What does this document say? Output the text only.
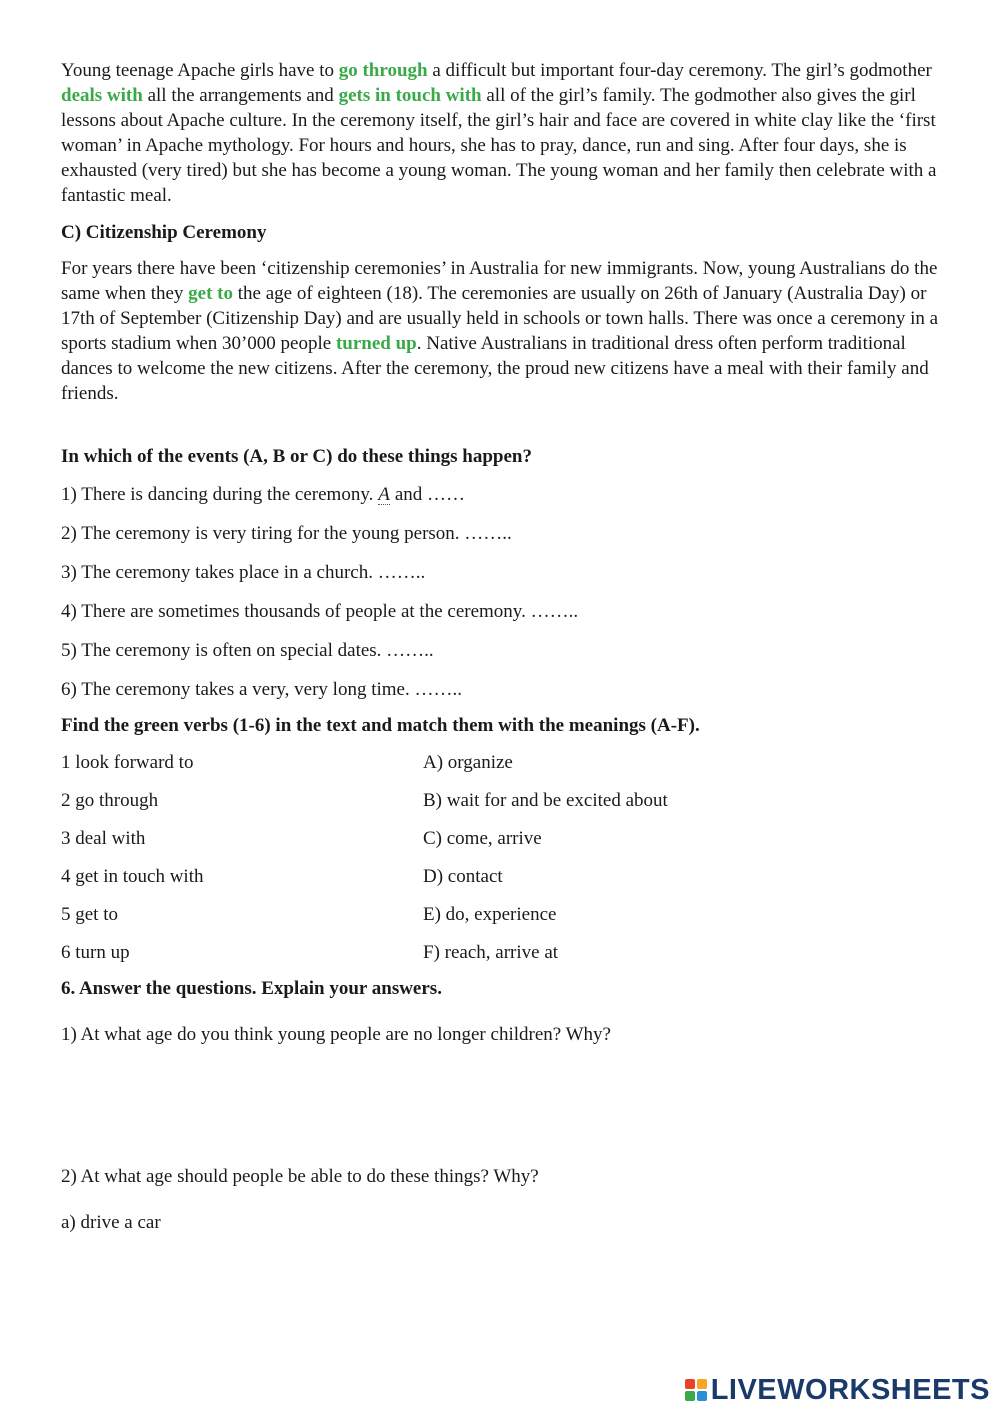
Young teenage Apache girls have to go through a difficult but important four-day ceremony. The girl’s godmother deals with all the arrangements and gets in touch with all of the girl’s family. The godmother also gives the girl lessons about Apache culture. In the ceremony itself, the girl’s hair and face are covered in white clay like the ‘first woman’ in Apache mythology. For hours and hours, she has to pray, dance, run and sing. After four days, she is exhausted (very tired) but she has become a young woman. The young woman and her family then celebrate with a fantastic meal.

C) Citizenship Ceremony

For years there have been ‘citizenship ceremonies’ in Australia for new immigrants. Now, young Australians do the same when they get to the age of eighteen (18). The ceremonies are usually on 26th of January (Australia Day) or 17th of September (Citizenship Day) and are usually held in schools or town halls. There was once a ceremony in a sports stadium when 30’000 people turned up. Native Australians in traditional dress often perform traditional dances to welcome the new citizens. After the ceremony, the proud new citizens have a meal with their family and friends.

In which of the events (A, B or C) do these things happen?

1) There is dancing during the ceremony. A and ……

2) The ceremony is very tiring for the young person. ……..

3) The ceremony takes place in a church. ……..

4) There are sometimes thousands of people at the ceremony. ……..

5) The ceremony is often on special dates. ……..

6) The ceremony takes a very, very long time. ……..

Find the green verbs (1-6) in the text and match them with the meanings (A-F).

1 look forward to	A) organize
2 go through	B) wait for and be excited about
3 deal with	C) come, arrive
4 get in touch with	D) contact
5 get to	E) do, experience
6 turn up	F) reach, arrive at

6. Answer the questions. Explain your answers.

1) At what age do you think young people are no longer children? Why?

2) At what age should people be able to do these things? Why?

a) drive a car

LIVEWORKSHEETS
